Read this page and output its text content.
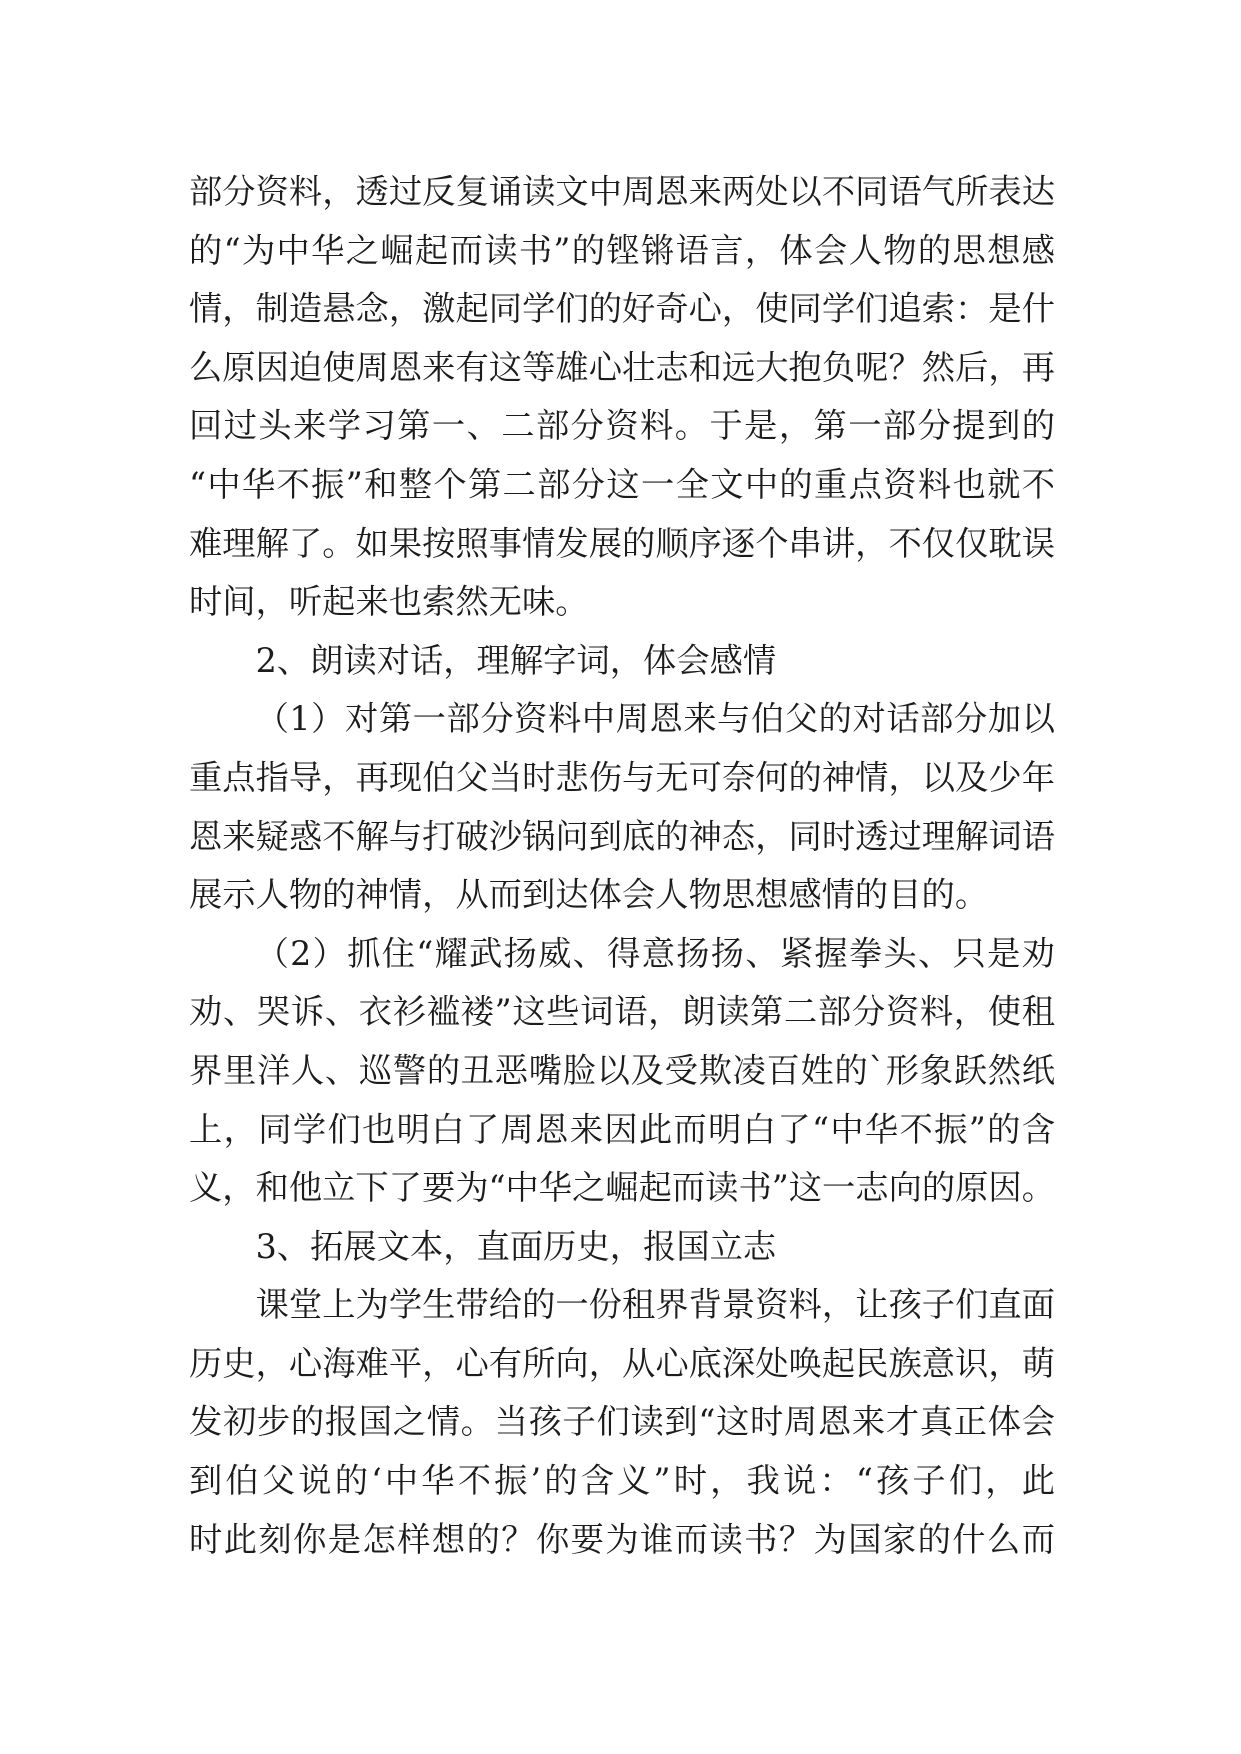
部分资料，透过反复诵读文中周恩来两处以不同语气所表达
的“为中华之崛起而读书”的铿锵语言，体会人物的思想感
情，制造悬念，激起同学们的好奇心，使同学们追索：是什
么原因迫使周恩来有这等雄心壮志和远大抱负呢？然后，再
回过头来学习第一、二部分资料。于是，第一部分提到的
“中华不振”和整个第二部分这一全文中的重点资料也就不
难理解了。如果按照事情发展的顺序逐个串讲，不仅仅耽误
时间，听起来也索然无味。
2、朗读对话，理解字词，体会感情
（1）对第一部分资料中周恩来与伯父的对话部分加以
重点指导，再现伯父当时悲伤与无可奈何的神情，以及少年
恩来疑惑不解与打破沙锅问到底的神态，同时透过理解词语
展示人物的神情，从而到达体会人物思想感情的目的。
（2）抓住“耀武扬威、得意扬扬、紧握拳头、只是劝
劝、哭诉、衣衫褴褛”这些词语，朗读第二部分资料，使租
界里洋人、巡警的丑恶嘴脸以及受欺凌百姓的`形象跃然纸
上，同学们也明白了周恩来因此而明白了“中华不振”的含
义，和他立下了要为“中华之崛起而读书”这一志向的原因。
3、拓展文本，直面历史，报国立志
课堂上为学生带给的一份租界背景资料，让孩子们直面
历史，心海难平，心有所向，从心底深处唤起民族意识，萌
发初步的报国之情。当孩子们读到“这时周恩来才真正体会
到伯父说的‘中华不振’的含义”时，我说：“孩子们，此
时此刻你是怎样想的？你要为谁而读书？为国家的什么而
